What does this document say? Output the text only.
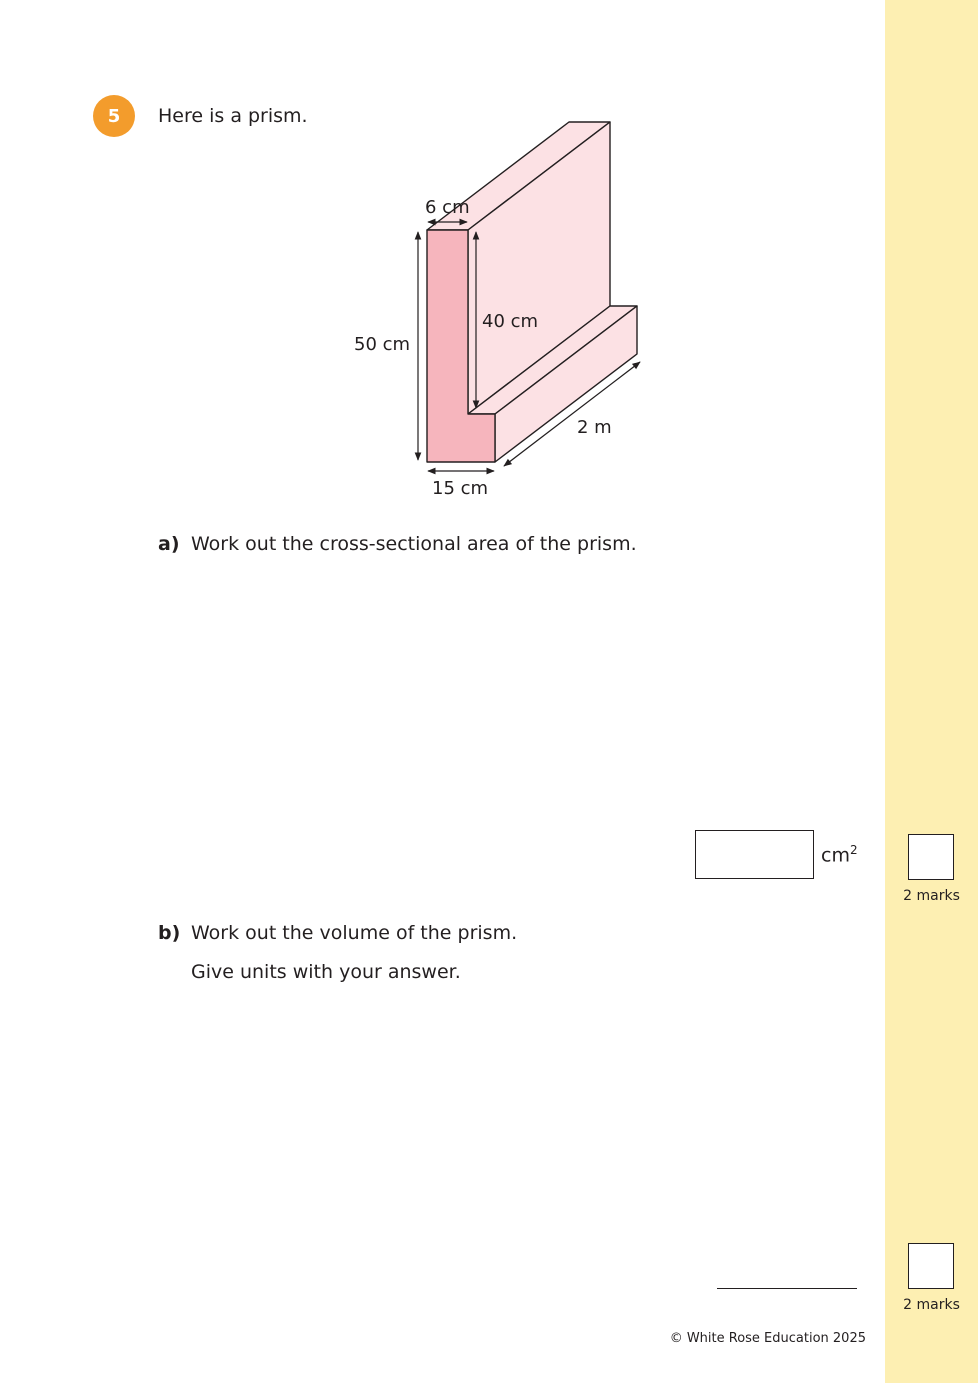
5	Here is a prism.
6 cm
50 cm
40 cm
2 m
15 cm
a) Work out the cross-sectional area of the prism.
$cm^2$
2 marks
b) Work out the volume of the prism.
Give units with your answer.
2 marks
© White Rose Education 2025
